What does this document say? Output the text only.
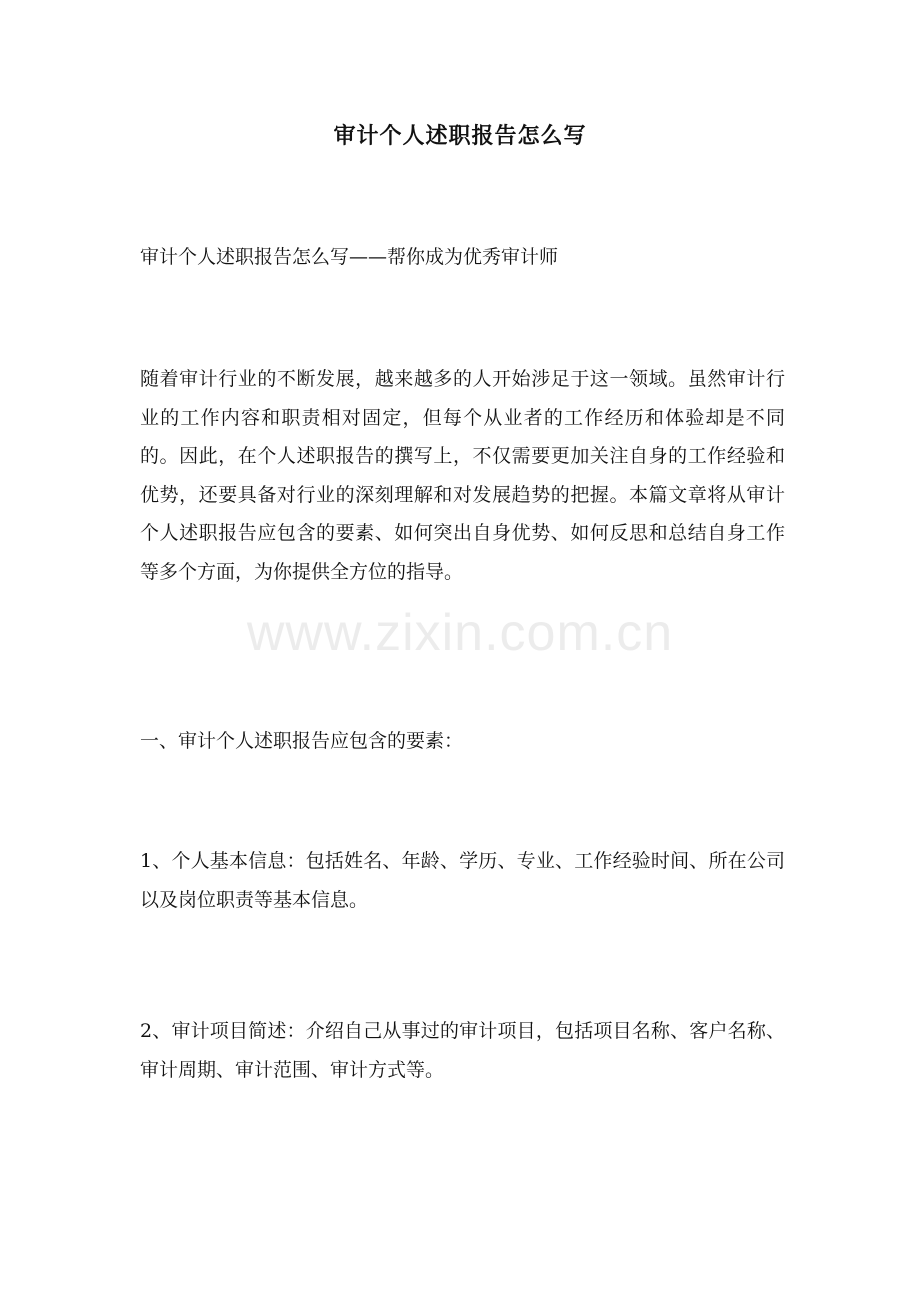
审计个人述职报告怎么写
审计个人述职报告怎么写——帮你成为优秀审计师
随着审计行业的不断发展，越来越多的人开始涉足于这一领域。虽然审计行业的工作内容和职责相对固定，但每个从业者的工作经历和体验却是不同的。因此，在个人述职报告的撰写上，不仅需要更加关注自身的工作经验和优势，还要具备对行业的深刻理解和对发展趋势的把握。本篇文章将从审计个人述职报告应包含的要素、如何突出自身优势、如何反思和总结自身工作等多个方面，为你提供全方位的指导。
一、审计个人述职报告应包含的要素：
1、个人基本信息：包括姓名、年龄、学历、专业、工作经验时间、所在公司以及岗位职责等基本信息。
2、审计项目简述：介绍自己从事过的审计项目，包括项目名称、客户名称、审计周期、审计范围、审计方式等。
www.zixin.com.cn
